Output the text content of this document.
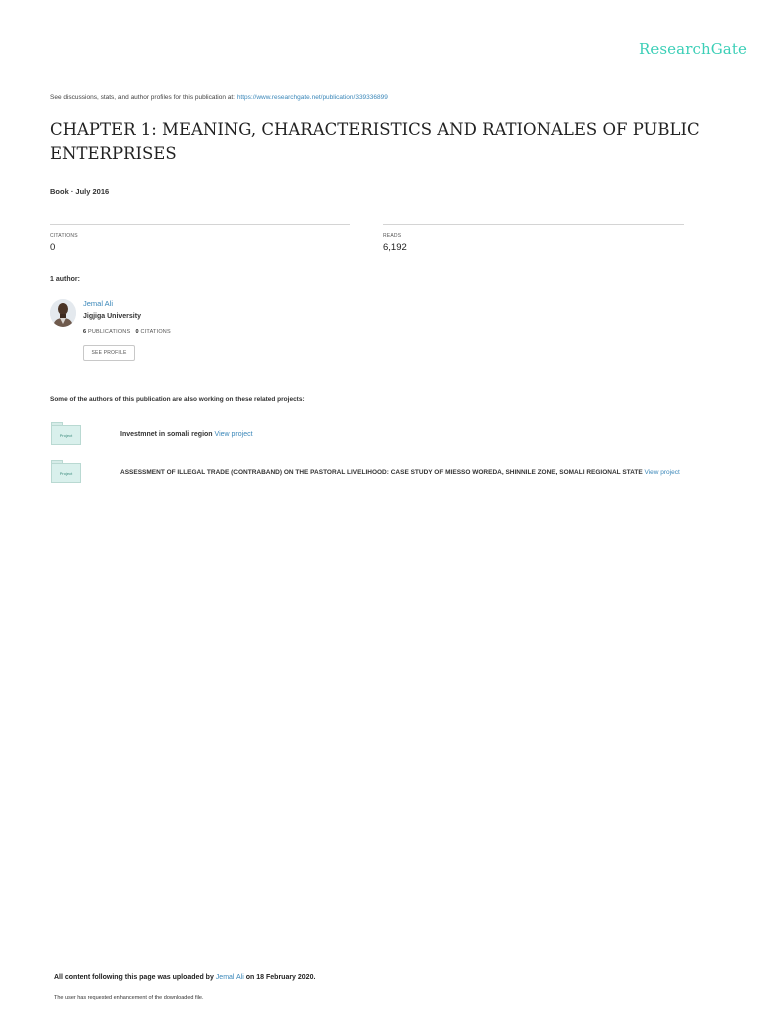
ResearchGate
See discussions, stats, and author profiles for this publication at: https://www.researchgate.net/publication/339336899
CHAPTER 1: MEANING, CHARACTERISTICS AND RATIONALES OF PUBLIC ENTERPRISES
Book · July 2016
CITATIONS
0
READS
6,192
1 author:
Jemal Ali
Jigjiga University
6 PUBLICATIONS 0 CITATIONS
SEE PROFILE
Some of the authors of this publication are also working on these related projects:
Project	Investmnet in somali region View project
Project	ASSESSMENT OF ILLEGAL TRADE (CONTRABAND) ON THE PASTORAL LIVELIHOOD: CASE STUDY OF MIESSO WOREDA, SHINNILE ZONE, SOMALI REGIONAL STATE View project
All content following this page was uploaded by Jemal Ali on 18 February 2020.
The user has requested enhancement of the downloaded file.
